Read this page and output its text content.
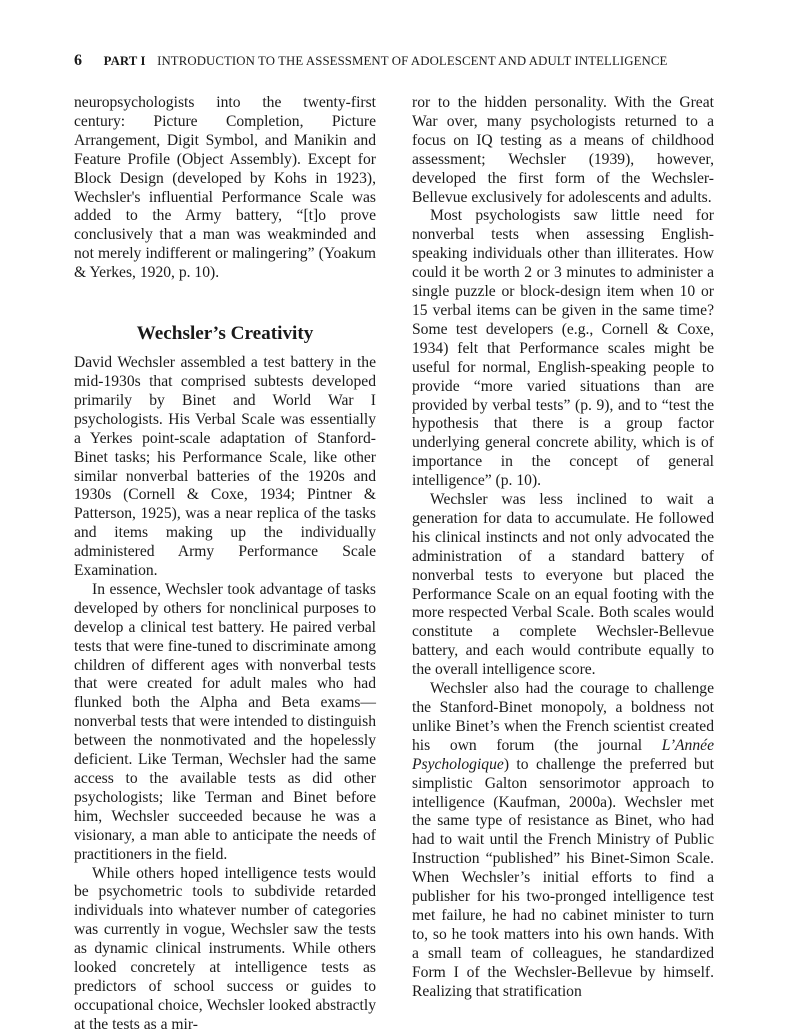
6 PART I INTRODUCTION TO THE ASSESSMENT OF ADOLESCENT AND ADULT INTELLIGENCE

neuropsychologists into the twenty-first century: Picture Completion, Picture Arrangement, Digit Symbol, and Manikin and Feature Profile (Object Assembly). Except for Block Design (developed by Kohs in 1923), Wechsler's influential Performance Scale was added to the Army battery, “[t]o prove conclusively that a man was weakminded and not merely indifferent or malingering” (Yoakum & Yerkes, 1920, p. 10).

Wechsler’s Creativity

David Wechsler assembled a test battery in the mid-1930s that comprised subtests developed primarily by Binet and World War I psychologists. His Verbal Scale was essentially a Yerkes point-scale adaptation of Stanford-Binet tasks; his Performance Scale, like other similar nonverbal batteries of the 1920s and 1930s (Cornell & Coxe, 1934; Pintner & Patterson, 1925), was a near replica of the tasks and items making up the individually administered Army Performance Scale Examination.

In essence, Wechsler took advantage of tasks developed by others for nonclinical purposes to develop a clinical test battery. He paired verbal tests that were fine-tuned to discriminate among children of different ages with nonverbal tests that were created for adult males who had flunked both the Alpha and Beta exams—nonverbal tests that were intended to distinguish between the nonmotivated and the hopelessly deficient. Like Terman, Wechsler had the same access to the available tests as did other psychologists; like Terman and Binet before him, Wechsler succeeded because he was a visionary, a man able to anticipate the needs of practitioners in the field.

While others hoped intelligence tests would be psychometric tools to subdivide retarded individuals into whatever number of categories was currently in vogue, Wechsler saw the tests as dynamic clinical instruments. While others looked concretely at intelligence tests as predictors of school success or guides to occupational choice, Wechsler looked abstractly at the tests as a mir-

ror to the hidden personality. With the Great War over, many psychologists returned to a focus on IQ testing as a means of childhood assessment; Wechsler (1939), however, developed the first form of the Wechsler-Bellevue exclusively for adolescents and adults.

Most psychologists saw little need for nonverbal tests when assessing English-speaking individuals other than illiterates. How could it be worth 2 or 3 minutes to administer a single puzzle or block-design item when 10 or 15 verbal items can be given in the same time? Some test developers (e.g., Cornell & Coxe, 1934) felt that Performance scales might be useful for normal, English-speaking people to provide “more varied situations than are provided by verbal tests” (p. 9), and to “test the hypothesis that there is a group factor underlying general concrete ability, which is of importance in the concept of general intelligence” (p. 10).

Wechsler was less inclined to wait a generation for data to accumulate. He followed his clinical instincts and not only advocated the administration of a standard battery of nonverbal tests to everyone but placed the Performance Scale on an equal footing with the more respected Verbal Scale. Both scales would constitute a complete Wechsler-Bellevue battery, and each would contribute equally to the overall intelligence score.

Wechsler also had the courage to challenge the Stanford-Binet monopoly, a boldness not unlike Binet’s when the French scientist created his own forum (the journal L’Année Psychologique) to challenge the preferred but simplistic Galton sensorimotor approach to intelligence (Kaufman, 2000a). Wechsler met the same type of resistance as Binet, who had had to wait until the French Ministry of Public Instruction “published” his Binet-Simon Scale. When Wechsler’s initial efforts to find a publisher for his two-pronged intelligence test met failure, he had no cabinet minister to turn to, so he took matters into his own hands. With a small team of colleagues, he standardized Form I of the Wechsler-Bellevue by himself. Realizing that stratification
